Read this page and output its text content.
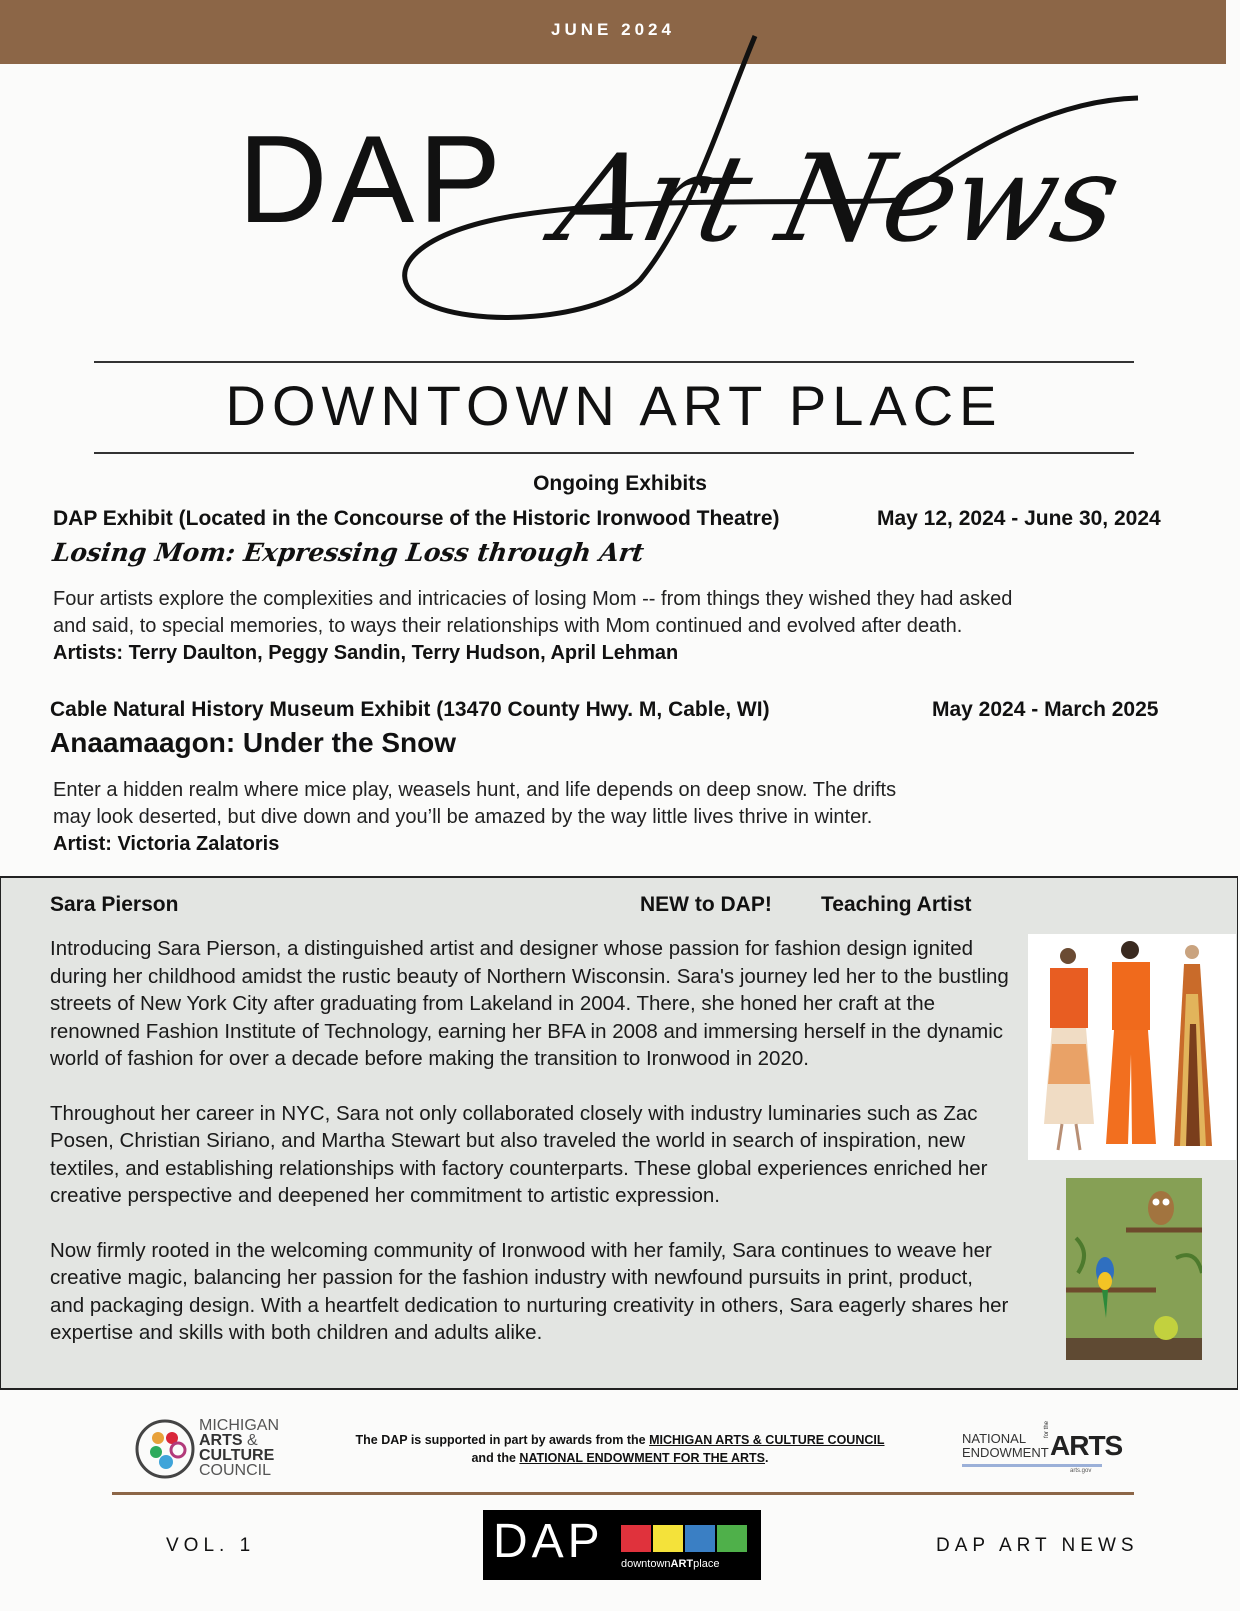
JUNE 2024
DAP Art News
DOWNTOWN ART PLACE
Ongoing Exhibits
DAP Exhibit (Located in the Concourse of the Historic Ironwood Theatre)	May 12, 2024 - June 30, 2024
Losing Mom: Expressing Loss through Art
Four artists explore the complexities and intricacies of losing Mom -- from things they wished they had asked
and said, to special memories, to ways their relationships with Mom continued and evolved after death.
Artists: Terry Daulton, Peggy Sandin, Terry Hudson, April Lehman
Cable Natural History Museum Exhibit (13470 County Hwy. M, Cable, WI)	May 2024 - March 2025
Anaamaagon: Under the Snow
Enter a hidden realm where mice play, weasels hunt, and life depends on deep snow. The drifts
may look deserted, but dive down and you’ll be amazed by the way little lives thrive in winter.
Artist: Victoria Zalatoris
Sara Pierson	NEW to DAP! Teaching Artist

Introducing Sara Pierson, a distinguished artist and designer whose passion for fashion design ignited during her childhood amidst the rustic beauty of Northern Wisconsin. Sara's journey led her to the bustling streets of New York City after graduating from Lakeland in 2004. There, she honed her craft at the renowned Fashion Institute of Technology, earning her BFA in 2008 and immersing herself in the dynamic world of fashion for over a decade before making the transition to Ironwood in 2020.

Throughout her career in NYC, Sara not only collaborated closely with industry luminaries such as Zac Posen, Christian Siriano, and Martha Stewart but also traveled the world in search of inspiration, new textiles, and establishing relationships with factory counterparts. These global experiences enriched her creative perspective and deepened her commitment to artistic expression.

Now firmly rooted in the welcoming community of Ironwood with her family, Sara continues to weave her creative magic, balancing her passion for the fashion industry with newfound pursuits in print, product, and packaging design. With a heartfelt dedication to nurturing creativity in others, Sara eagerly shares her expertise and skills with both children and adults alike.

MICHIGAN
ARTS &
CULTURE
COUNCIL
The DAP is supported in part by awards from the MICHIGAN ARTS & CULTURE COUNCIL
and the NATIONAL ENDOWMENT FOR THE ARTS.
NATIONAL
ENDOWMENT
for the
ARTS
arts.gov
VOL. 1	DAP downtownARTplace
DAP ART NEWS
